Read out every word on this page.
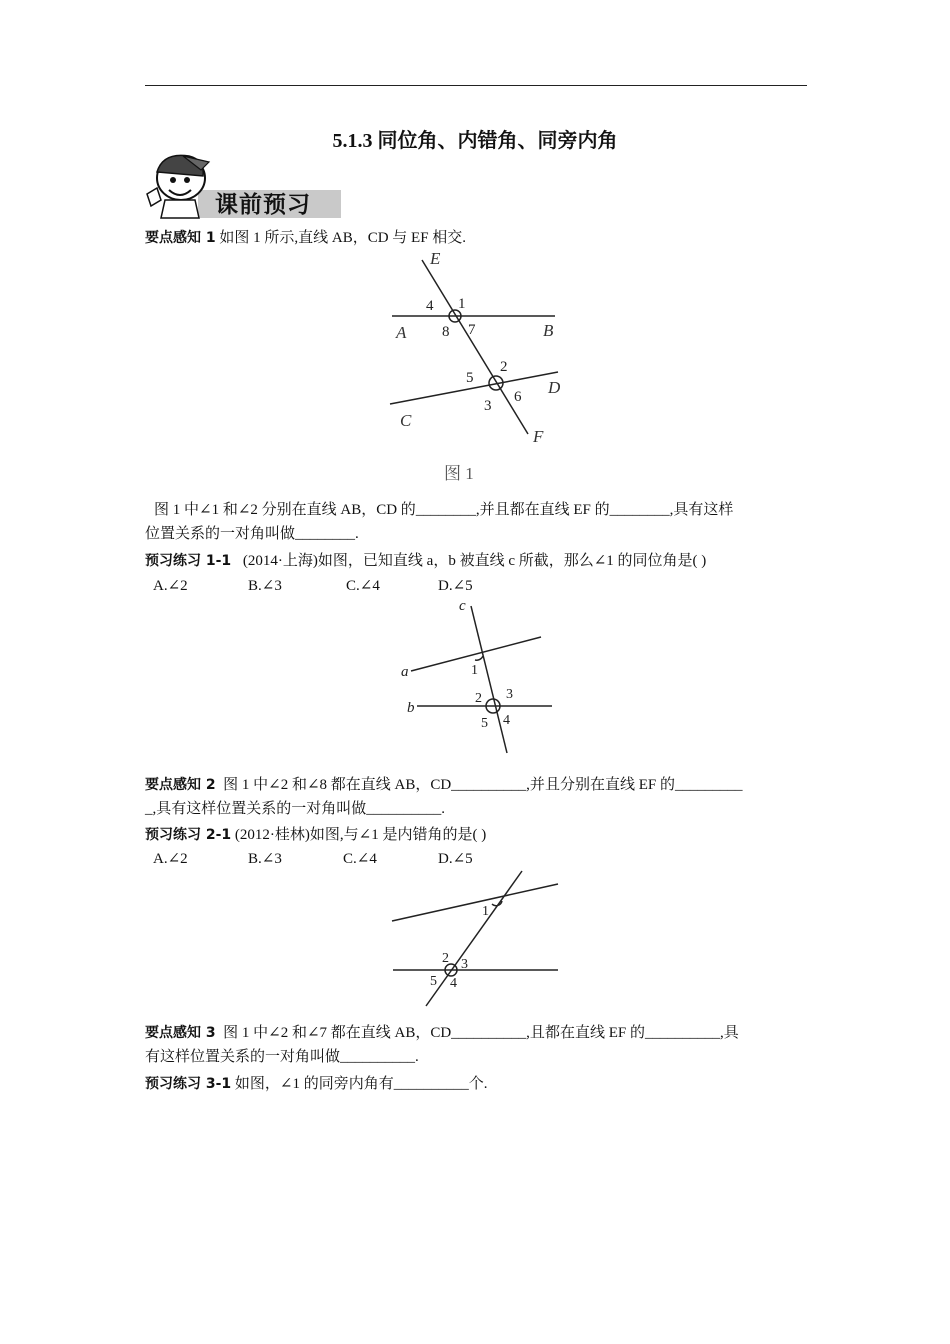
5.1.3 同位角、内错角、同旁内角
课前预习
要点感知 1 如图 1 所示,直线 AB，CD 与 EF 相交.
E
A	B
C
D
F
1
4
8 7
2
5
3
6
图 1
图 1 中∠1 和∠2 分别在直线 AB，CD 的________,并且都在直线 EF 的________,具有这样
位置关系的一对角叫做________.
预习练习 1-1 (2014·上海)如图，已知直线 a，b 被直线 c 所截，那么∠1 的同位角是( )
A.∠2	B.∠3	C.∠4	D.∠5
c
a
b
1
2 3
4
5
要点感知 2 图 1 中∠2 和∠8 都在直线 AB，CD__________,并且分别在直线 EF 的_________
_,具有这样位置关系的一对角叫做__________.
预习练习 2-1 (2012·桂林)如图,与∠1 是内错角的是( )
A.∠2	B.∠3	C.∠4	D.∠5
1
2 3
4
5
要点感知 3 图 1 中∠2 和∠7 都在直线 AB，CD__________,且都在直线 EF 的__________,具
有这样位置关系的一对角叫做__________.
预习练习 3-1 如图，∠1 的同旁内角有__________个.
